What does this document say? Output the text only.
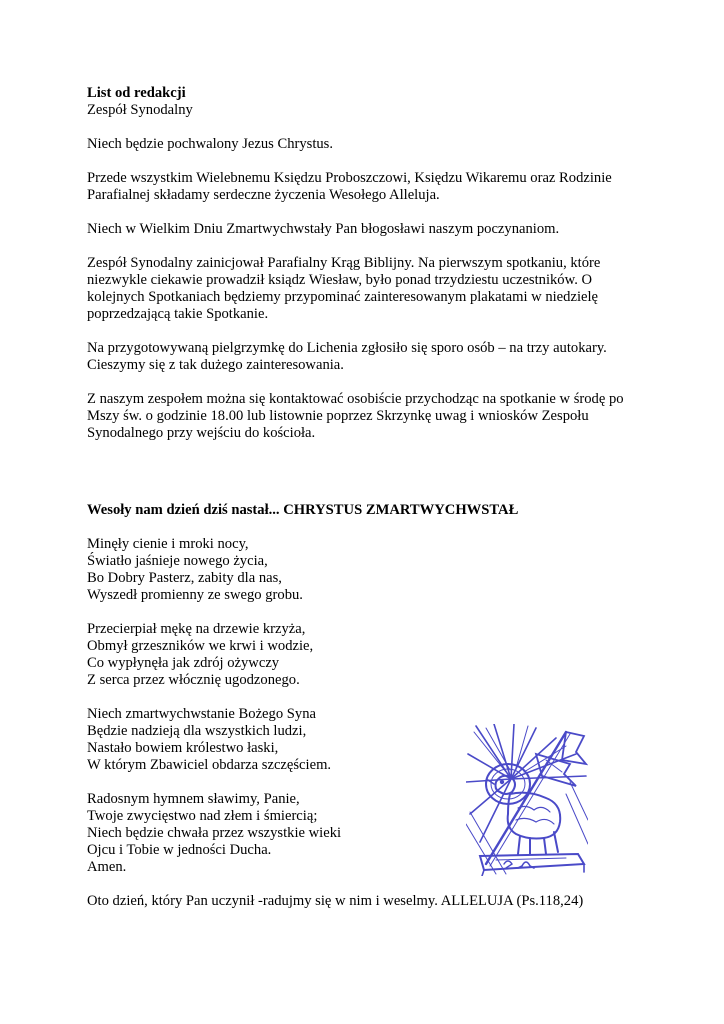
List od redakcji
Zespół Synodalny
Niech będzie pochwalony Jezus Chrystus.
Przede wszystkim Wielebnemu Księdzu Proboszczowi, Księdzu Wikaremu oraz Rodzinie
Parafialnej składamy serdeczne życzenia Wesołego Alleluja.
Niech w Wielkim Dniu Zmartwychwstały Pan błogosławi naszym poczynaniom.
Zespół Synodalny zainicjował Parafialny Krąg Biblijny. Na pierwszym spotkaniu, które
niezwykle ciekawie prowadził ksiądz Wiesław, było ponad trzydziestu uczestników. O
kolejnych Spotkaniach będziemy przypominać zainteresowanym plakatami w niedzielę
poprzedzającą takie Spotkanie.
Na przygotowywaną pielgrzymkę do Lichenia zgłosiło się sporo osób – na trzy autokary.
Cieszymy się z tak dużego zainteresowania.
Z naszym zespołem można się kontaktować osobiście przychodząc na spotkanie w środę po
Mszy św. o godzinie 18.00 lub listownie poprzez Skrzynkę uwag i wniosków Zespołu
Synodalnego przy wejściu do kościoła.
Wesoły nam dzień dziś nastał... CHRYSTUS ZMARTWYCHWSTAŁ
Minęły cienie i mroki nocy,
Światło jaśnieje nowego życia,
Bo Dobry Pasterz, zabity dla nas,
Wyszedł promienny ze swego grobu.
Przecierpiał mękę na drzewie krzyża,
Obmył grzeszników we krwi i wodzie,
Co wypłynęła jak zdrój ożywczy
Z serca przez włócznię ugodzonego.
Niech zmartwychwstanie Bożego Syna
Będzie nadzieją dla wszystkich ludzi,
Nastało bowiem królestwo łaski,
W którym Zbawiciel obdarza szczęściem.
Radosnym hymnem sławimy, Panie,
Twoje zwycięstwo nad złem i śmiercią;
Niech będzie chwała przez wszystkie wieki
Ojcu i Tobie w jedności Ducha.
Amen.
Oto dzień, który Pan uczynił -radujmy się w nim i weselmy. ALLELUJA (Ps.118,24)
